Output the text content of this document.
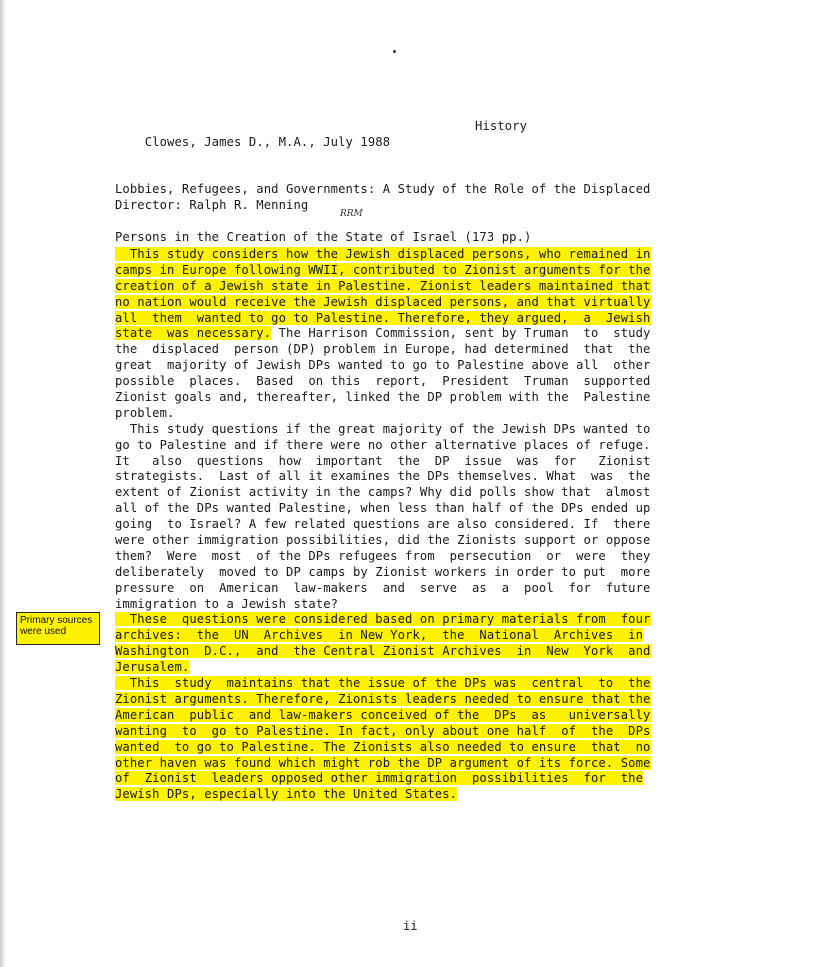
Clowes, James D., M.A., July 1988

History

Lobbies, Refugees, and Governments: A Study of the Role of the Displaced

Persons in the Creation of the State of Israel (173 pp.)

Director: Ralph R. Menning
RRM
This study considers how the Jewish displaced persons, who remained in
camps in Europe following WWII, contributed to Zionist arguments for the
creation of a Jewish state in Palestine. Zionist leaders maintained that
no nation would receive the Jewish displaced persons, and that virtually
all  them  wanted to go to Palestine. Therefore, they argued,  a  Jewish
state  was necessary. The Harrison Commission, sent by Truman  to  study
the  displaced  person (DP) problem in Europe, had determined  that  the
great  majority of Jewish DPs wanted to go to Palestine above all  other
possible  places.  Based  on this  report,  President  Truman  supported
Zionist goals and, thereafter, linked the DP problem with the  Palestine
problem.
This study questions if the great majority of the Jewish DPs wanted to
go to Palestine and if there were no other alternative places of refuge.
It   also  questions  how  important  the  DP  issue  was  for   Zionist
strategists.  Last of all it examines the DPs themselves. What  was  the
extent of Zionist activity in the camps? Why did polls show that  almost
all of the DPs wanted Palestine, when less than half of the DPs ended up
going  to Israel? A few related questions are also considered. If  there
were other immigration possibilities, did the Zionists support or oppose
them?  Were  most  of the DPs refugees from  persecution  or  were  they
deliberately  moved to DP camps by Zionist workers in order to put  more
pressure  on  American  law-makers  and  serve  as  a  pool  for  future
immigration to a Jewish state?
These  questions were considered based on primary materials from  four
archives:  the  UN  Archives  in New York,  the  National  Archives  in
Washington  D.C.,  and  the Central Zionist Archives  in  New  York  and
Jerusalem.
This  study  maintains that the issue of the DPs was  central  to  the
Zionist arguments. Therefore, Zionists leaders needed to ensure that the
American  public  and law-makers conceived of the  DPs  as   universally
wanting  to  go to Palestine. In fact, only about one half  of  the  DPs
wanted  to go to Palestine. The Zionists also needed to ensure  that  no
other haven was found which might rob the DP argument of its force. Some
of  Zionist  leaders opposed other immigration  possibilities  for  the
Jewish DPs, especially into the United States.
Primary sources were used
ii
